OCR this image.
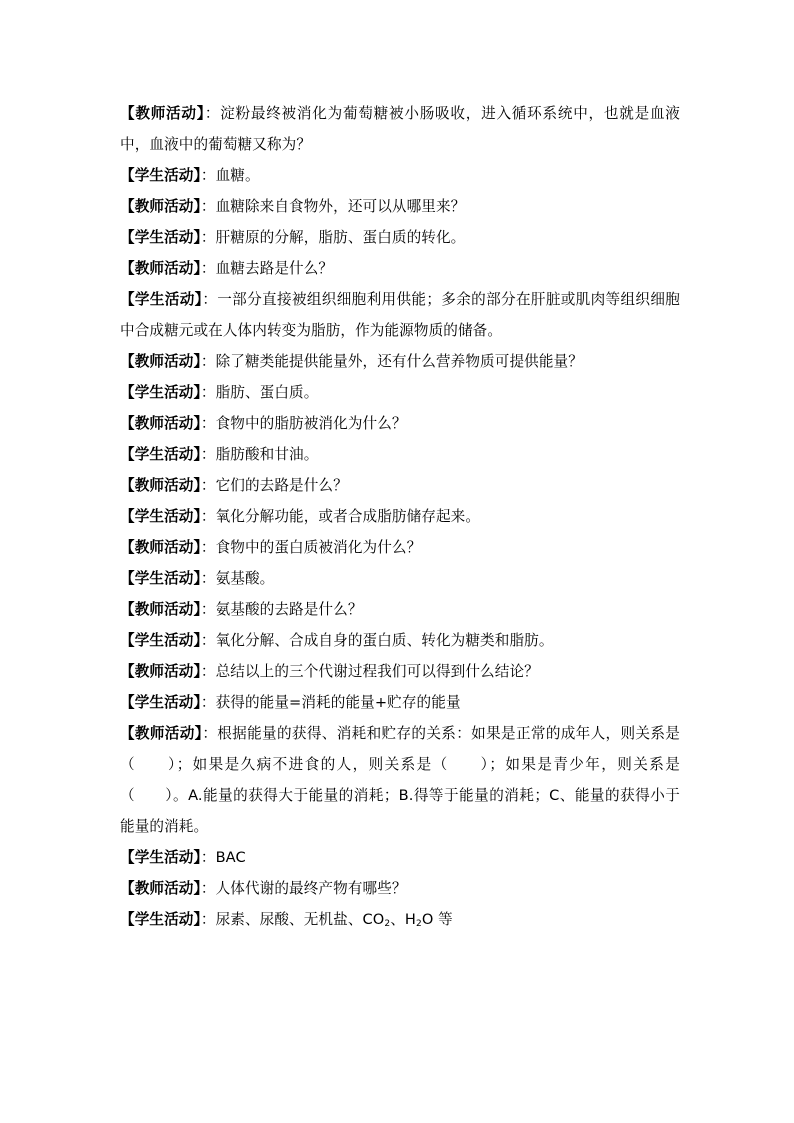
【教师活动】：淀粉最终被消化为葡萄糖被小肠吸收，进入循环系统中，也就是血液中，血液中的葡萄糖又称为？

【学生活动】：血糖。

【教师活动】：血糖除来自食物外，还可以从哪里来？

【学生活动】：肝糖原的分解，脂肪、蛋白质的转化。

【教师活动】：血糖去路是什么？

【学生活动】：一部分直接被组织细胞利用供能；多余的部分在肝脏或肌肉等组织细胞中合成糖元或在人体内转变为脂肪，作为能源物质的储备。

【教师活动】：除了糖类能提供能量外，还有什么营养物质可提供能量？

【学生活动】：脂肪、蛋白质。

【教师活动】：食物中的脂肪被消化为什么？

【学生活动】：脂肪酸和甘油。

【教师活动】：它们的去路是什么？

【学生活动】：氧化分解功能，或者合成脂肪储存起来。

【教师活动】：食物中的蛋白质被消化为什么？

【学生活动】：氨基酸。

【教师活动】：氨基酸的去路是什么？

【学生活动】：氧化分解、合成自身的蛋白质、转化为糖类和脂肪。

【教师活动】：总结以上的三个代谢过程我们可以得到什么结论？

【学生活动】：获得的能量=消耗的能量+贮存的能量

【教师活动】：根据能量的获得、消耗和贮存的关系：如果是正常的成年人，则关系是（　　）；如果是久病不进食的人，则关系是（　　）；如果是青少年，则关系是（　　）。A.能量的获得大于能量的消耗；B.得等于能量的消耗；C、能量的获得小于能量的消耗。

【学生活动】：BAC

【教师活动】：人体代谢的最终产物有哪些？

【学生活动】：尿素、尿酸、无机盐、$CO_2$、$H_2O$ 等
